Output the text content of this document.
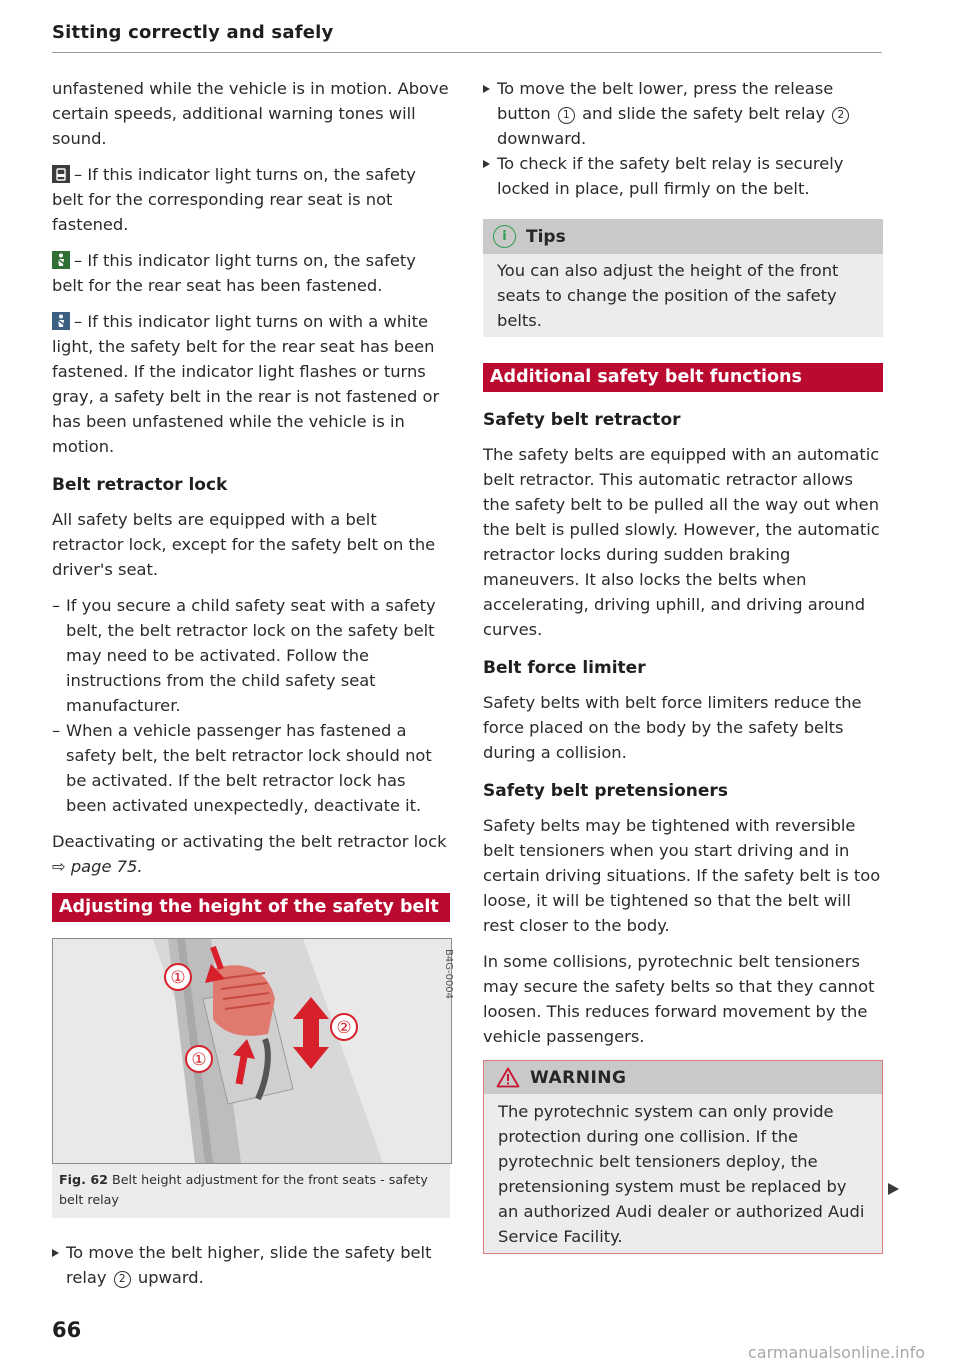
Sitting correctly and safely

unfastened while the vehicle is in motion. Above certain speeds, additional warning tones will sound.

– If this indicator light turns on, the safety belt for the corresponding rear seat is not fastened.

– If this indicator light turns on, the safety belt for the rear seat has been fastened.

– If this indicator light turns on with a white light, the safety belt for the rear seat has been fastened. If the indicator light flashes or turns gray, a safety belt in the rear is not fastened or has been unfastened while the vehicle is in motion.

Belt retractor lock

All safety belts are equipped with a belt retractor lock, except for the safety belt on the driver's seat.

– If you secure a child safety seat with a safety belt, the belt retractor lock on the safety belt may need to be activated. Follow the instructions from the child safety seat manufacturer.
– When a vehicle passenger has fastened a safety belt, the belt retractor lock should not be activated. If the belt retractor lock has been activated unexpectedly, deactivate it.

Deactivating or activating the belt retractor lock ⇨ page 75.

Adjusting the height of the safety belt
①
②
①
B4G-0004
Fig. 62 Belt height adjustment for the front seats - safety belt relay

To move the belt higher, slide the safety belt relay 2 upward.

To move the belt lower, press the release button 1 and slide the safety belt relay 2 downward.

To check if the safety belt relay is securely locked in place, pull firmly on the belt.

i	Tips
You can also adjust the height of the front seats to change the position of the safety belts.
Additional safety belt functions
Safety belt retractor

The safety belts are equipped with an automatic belt retractor. This automatic retractor allows the safety belt to be pulled all the way out when the belt is pulled slowly. However, the automatic retractor locks during sudden braking maneuvers. It also locks the belts when accelerating, driving uphill, and driving around curves.

Belt force limiter

Safety belts with belt force limiters reduce the force placed on the body by the safety belts during a collision.

Safety belt pretensioners

Safety belts may be tightened with reversible belt tensioners when you start driving and in certain driving situations. If the safety belt is too loose, it will be tightened so that the belt will rest closer to the body.

In some collisions, pyrotechnic belt tensioners may secure the safety belts so that they cannot loosen. This reduces forward movement by the vehicle passengers.

WARNING
The pyrotechnic system can only provide protection during one collision. If the pyrotechnic belt tensioners deploy, the pretensioning system must be replaced by an authorized Audi dealer or authorized Audi Service Facility.
66
carmanualsonline.info
